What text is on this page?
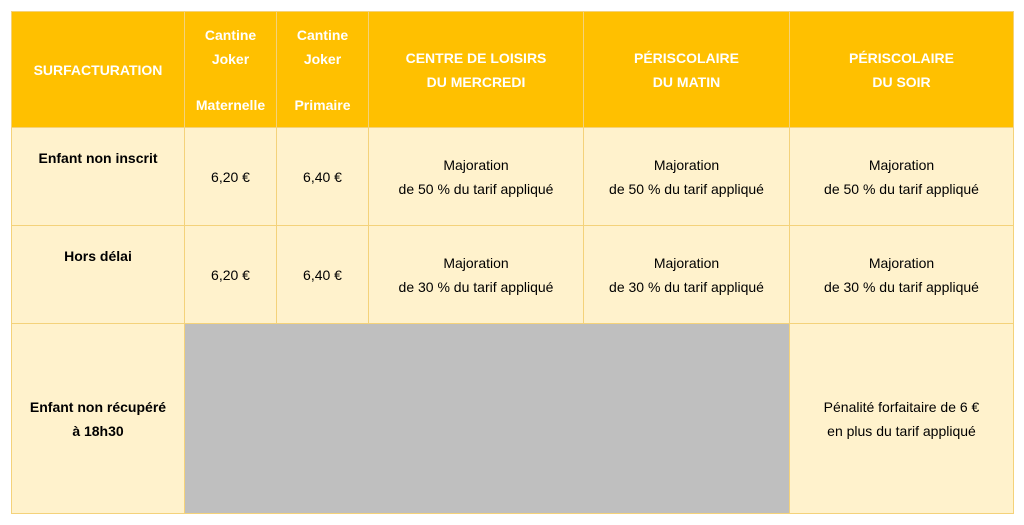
SURFACTURATION	Cantine
Joker
Maternelle	Cantine
Joker
Primaire	CENTRE DE LOISIRS
DU MERCREDI	PÉRISCOLAIRE
DU MATIN	PÉRISCOLAIRE
DU SOIR

Enfant non inscrit	6,20 €	6,40 €	Majoration
de 50 % du tarif appliqué	Majoration
de 50 % du tarif appliqué	Majoration
de 50 % du tarif appliqué

Hors délai	6,20 €	6,40 €	Majoration
de 30 % du tarif appliqué	Majoration
de 30 % du tarif appliqué	Majoration
de 30 % du tarif appliqué

Enfant non récupéré
à 18h30					Pénalité forfaitaire de 6 €
en plus du tarif appliqué
